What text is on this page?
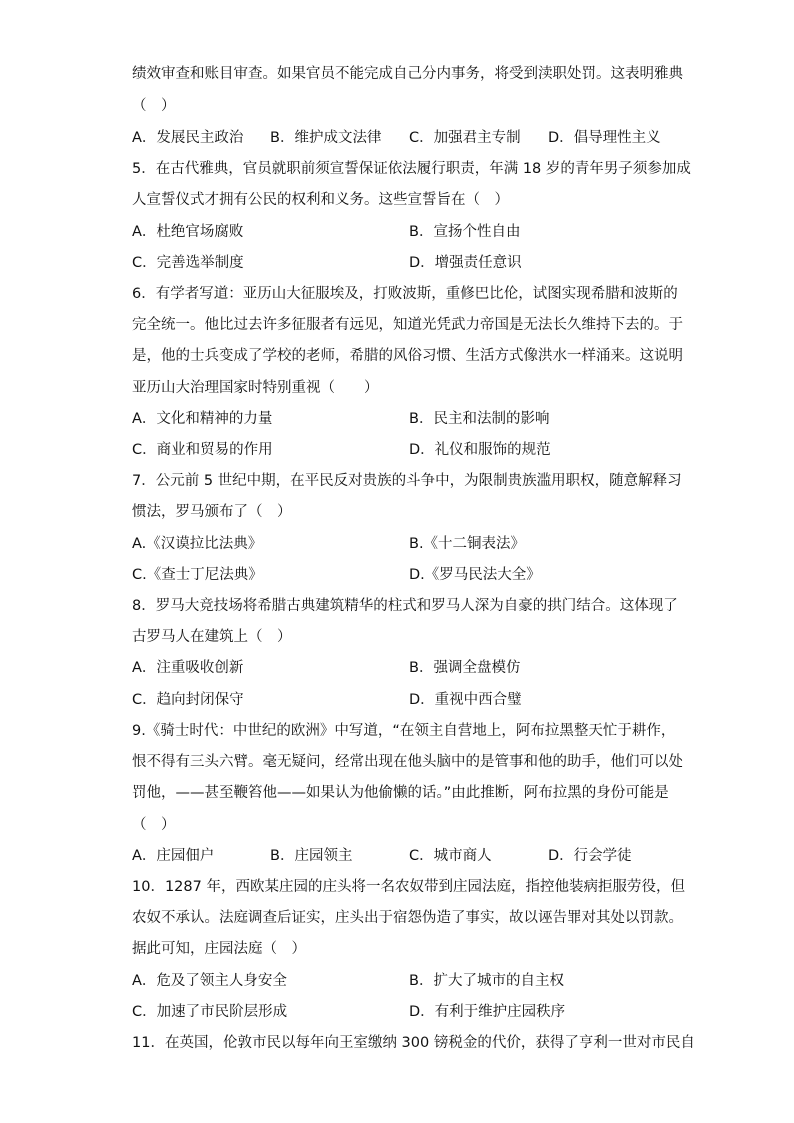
绩效审查和账目审查。如果官员不能完成自己分内事务，将受到渎职处罚。这表明雅典
（　）
A．发展民主政治 B．维护成文法律 C．加强君主专制 D．倡导理性主义
5．在古代雅典，官员就职前须宣誓保证依法履行职责，年满 18 岁的青年男子须参加成
人宣誓仪式才拥有公民的权利和义务。这些宣誓旨在（　）
A．杜绝官场腐败	B．宣扬个性自由
C．完善选举制度	D．增强责任意识
6．有学者写道：亚历山大征服埃及，打败波斯，重修巴比伦，试图实现希腊和波斯的
完全统一。他比过去许多征服者有远见，知道光凭武力帝国是无法长久维持下去的。于
是，他的士兵变成了学校的老师，希腊的风俗习惯、生活方式像洪水一样涌来。这说明
亚历山大治理国家时特别重视（　　）
A．文化和精神的力量	B．民主和法制的影响
C．商业和贸易的作用	D．礼仪和服饰的规范
7．公元前 5 世纪中期，在平民反对贵族的斗争中，为限制贵族滥用职权，随意解释习
惯法，罗马颁布了（　）
A.《汉谟拉比法典》	B.《十二铜表法》
C.《查士丁尼法典》	D.《罗马民法大全》
8．罗马大竞技场将希腊古典建筑精华的柱式和罗马人深为自豪的拱门结合。这体现了
古罗马人在建筑上（　）
A．注重吸收创新	B．强调全盘模仿
C．趋向封闭保守	D．重视中西合璧
9.《骑士时代：中世纪的欧洲》中写道，“在领主自营地上，阿布拉黑整天忙于耕作，
恨不得有三头六臂。毫无疑问，经常出现在他头脑中的是管事和他的助手，他们可以处
罚他，——甚至鞭笞他——如果认为他偷懒的话。”由此推断，阿布拉黑的身份可能是
（　）
A．庄园佃户	B．庄园领主	C．城市商人	D．行会学徒
10．1287 年，西欧某庄园的庄头将一名农奴带到庄园法庭，指控他装病拒服劳役，但
农奴不承认。法庭调查后证实，庄头出于宿怨伪造了事实，故以诬告罪对其处以罚款。
据此可知，庄园法庭（　）
A．危及了领主人身安全	B．扩大了城市的自主权
C．加速了市民阶层形成	D．有利于维护庄园秩序
11．在英国，伦敦市民以每年向王室缴纳 300 镑税金的代价，获得了亨利一世对市民自
